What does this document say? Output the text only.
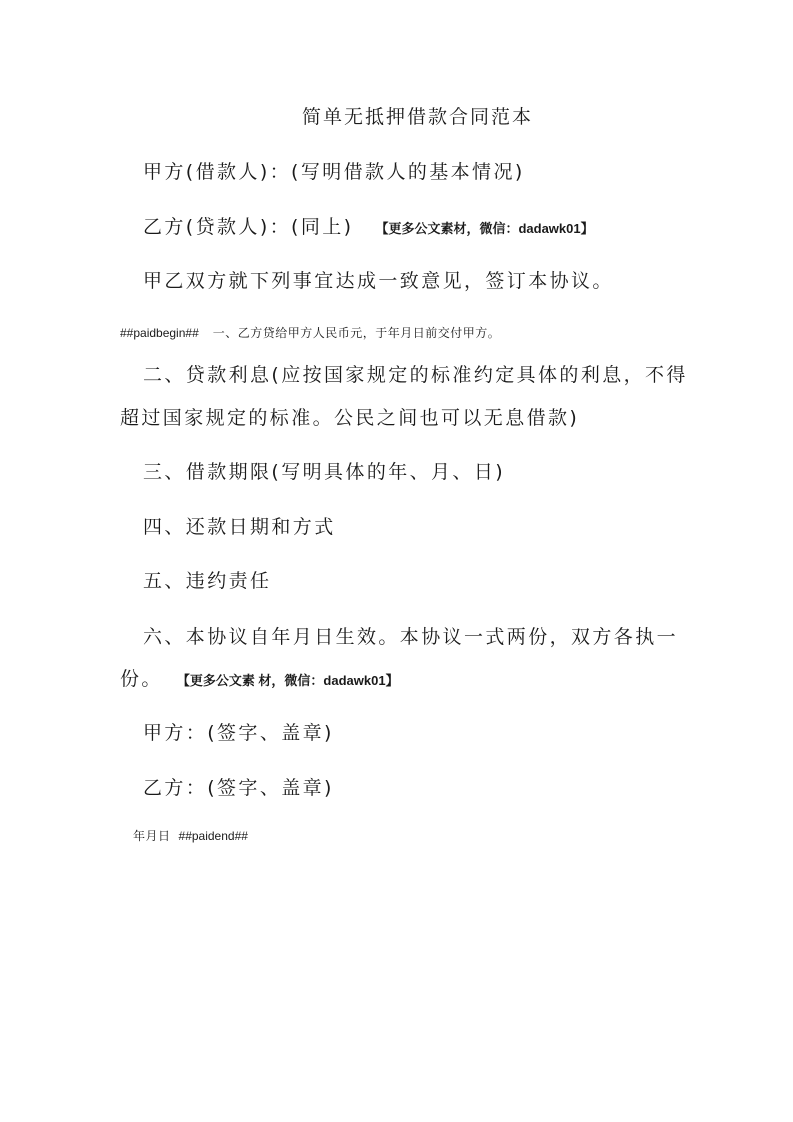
简单无抵押借款合同范本
甲方(借款人)：(写明借款人的基本情况)
乙方(贷款人)：(同上) 【更多公文素材，微信：dadawk01】
甲乙双方就下列事宜达成一致意见，签订本协议。
##paidbegin## 一、乙方贷给甲方人民币元，于年月日前交付甲方。
二、贷款利息(应按国家规定的标准约定具体的利息，不得
超过国家规定的标准。公民之间也可以无息借款)
三、借款期限(写明具体的年、月、日)
四、还款日期和方式
五、违约责任
六、本协议自年月日生效。本协议一式两份，双方各执一
份。 【更多公文素 材，微信：dadawk01】
甲方：(签字、盖章)
乙方：(签字、盖章)
年月日 ##paidend##
